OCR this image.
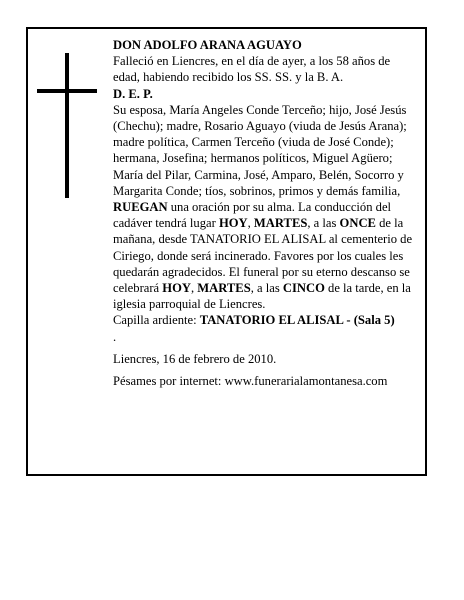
DON ADOLFO ARANA AGUAYO

Falleció en Liencres, en el día de ayer, a los 58 años de edad, habiendo recibido los SS. SS. y la B. A.

D. E. P.

Su esposa, María Angeles Conde Terceño; hijo, José Jesús (Chechu); madre, Rosario Aguayo (viuda de Jesús Arana); madre política, Carmen Terceño (viuda de José Conde); hermana, Josefina; hermanos políticos, Miguel Agüero; María del Pilar, Carmina, José, Amparo, Belén, Socorro y Margarita Conde; tíos, sobrinos, primos y demás familia,

RUEGAN una oración por su alma. La conducción del cadáver tendrá lugar HOY, MARTES, a las ONCE de la mañana, desde TANATORIO EL ALISAL al cementerio de Ciriego, donde será incinerado. Favores por los cuales les quedarán agradecidos. El funeral por su eterno descanso se celebrará HOY, MARTES, a las CINCO de la tarde, en la iglesia parroquial de Liencres.

Capilla ardiente: TANATORIO EL ALISAL - (Sala 5)

.

Liencres, 16 de febrero de 2010.

Pésames por internet: www.funerarialamontanesa.com
